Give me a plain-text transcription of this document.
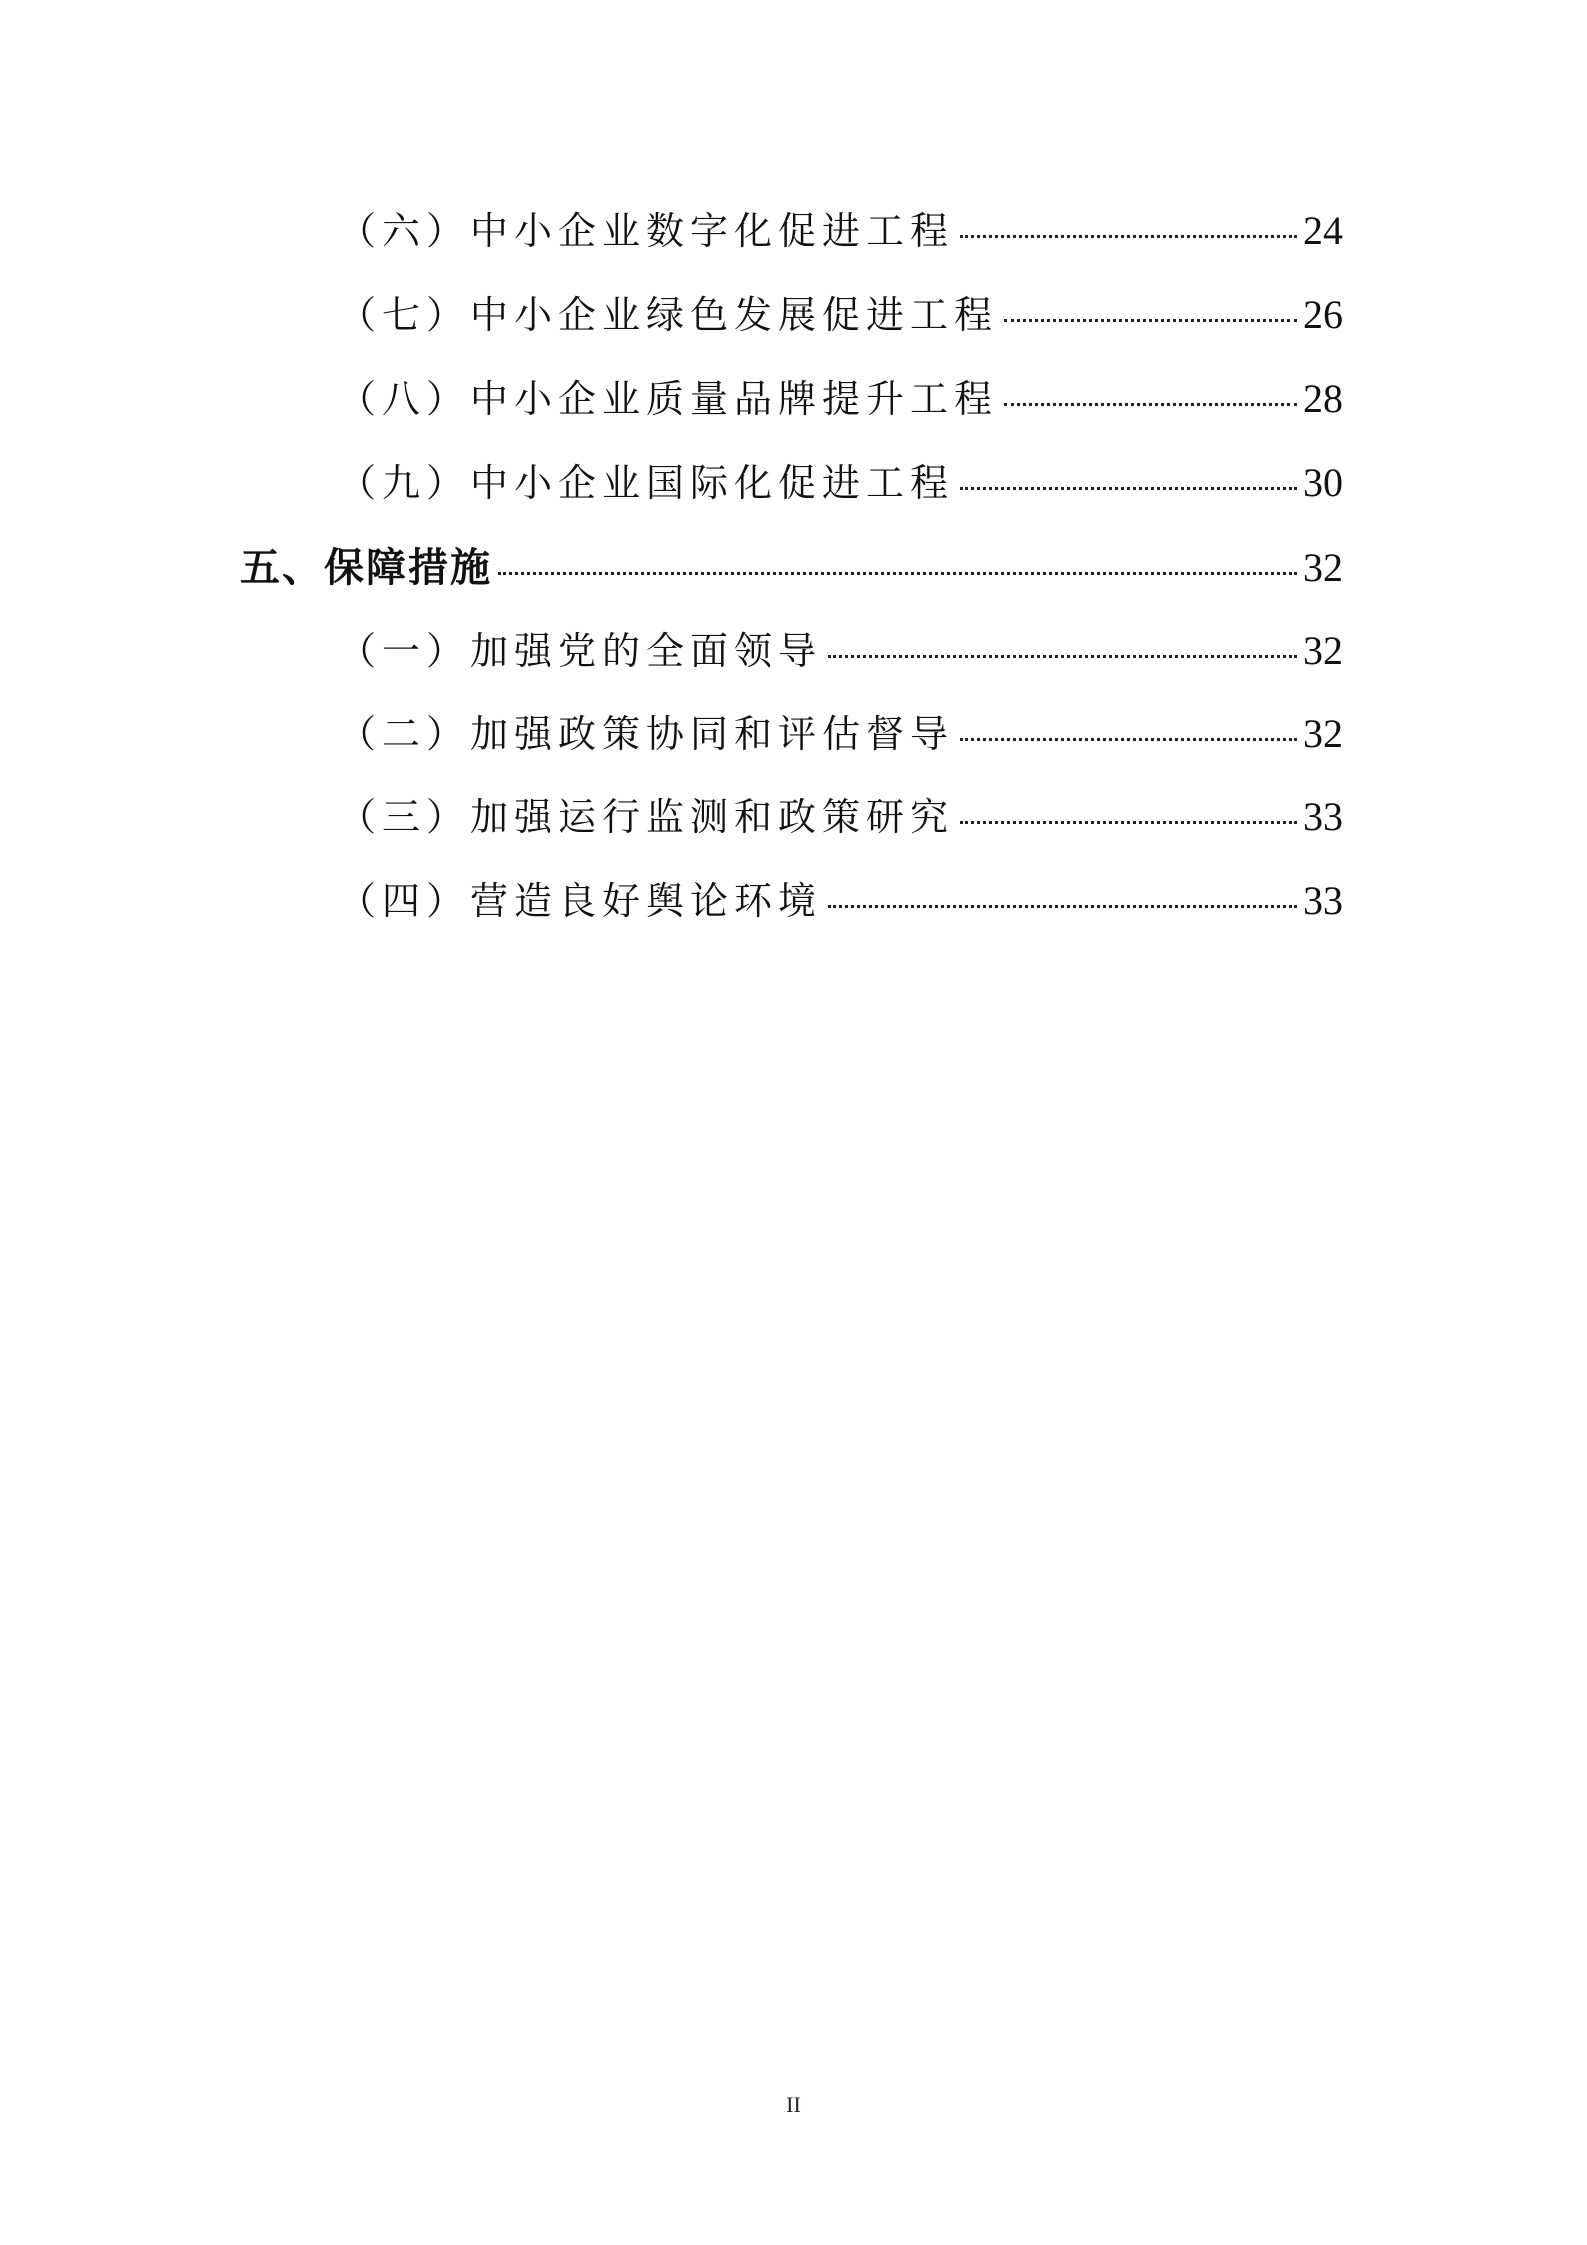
（六）中小企业数字化促进工程	24
（七）中小企业绿色发展促进工程	26
（八）中小企业质量品牌提升工程	28
（九）中小企业国际化促进工程	30
五、保障措施	32
（一）加强党的全面领导	32
（二）加强政策协同和评估督导	32
（三）加强运行监测和政策研究	33
（四）营造良好舆论环境	33
II
